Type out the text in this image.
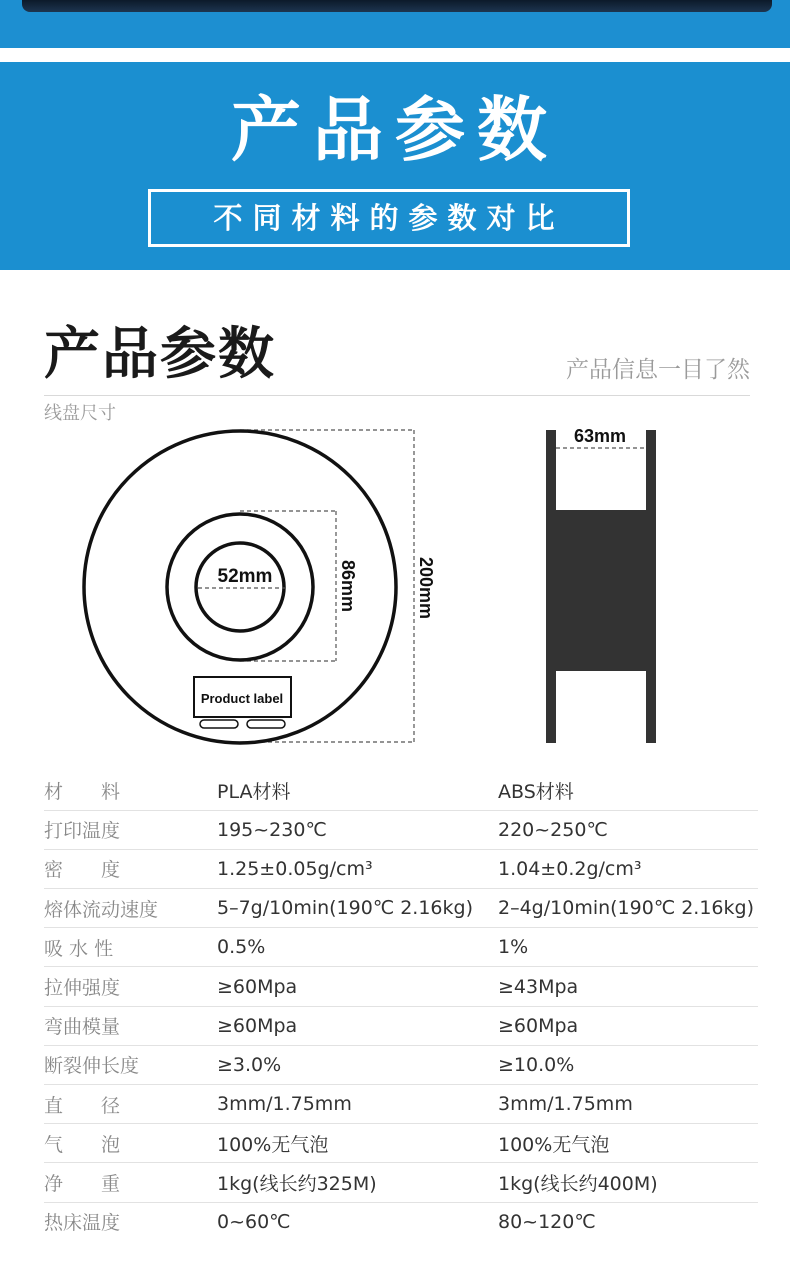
产品参数
不同材料的参数对比
产品参数	产品信息一目了然
线盘尺寸
52mm	86mm	200mm
Product label
63mm
材　　料	PLA材料	ABS材料
打印温度	195~230℃	220~250℃
密　　度	1.25±0.05g/cm³	1.04±0.2g/cm³
熔体流动速度	5–7g/10min(190℃ 2.16kg)	2–4g/10min(190℃ 2.16kg)
吸 水 性	0.5%	1%
拉伸强度	≥60Mpa	≥43Mpa
弯曲模量	≥60Mpa	≥60Mpa
断裂伸长度	≥3.0%	≥10.0%
直　　径	3mm/1.75mm	3mm/1.75mm
气　　泡	100%无气泡	100%无气泡
净　　重	1kg(线长约325M)	1kg(线长约400M)
热床温度	0~60℃	80~120℃
